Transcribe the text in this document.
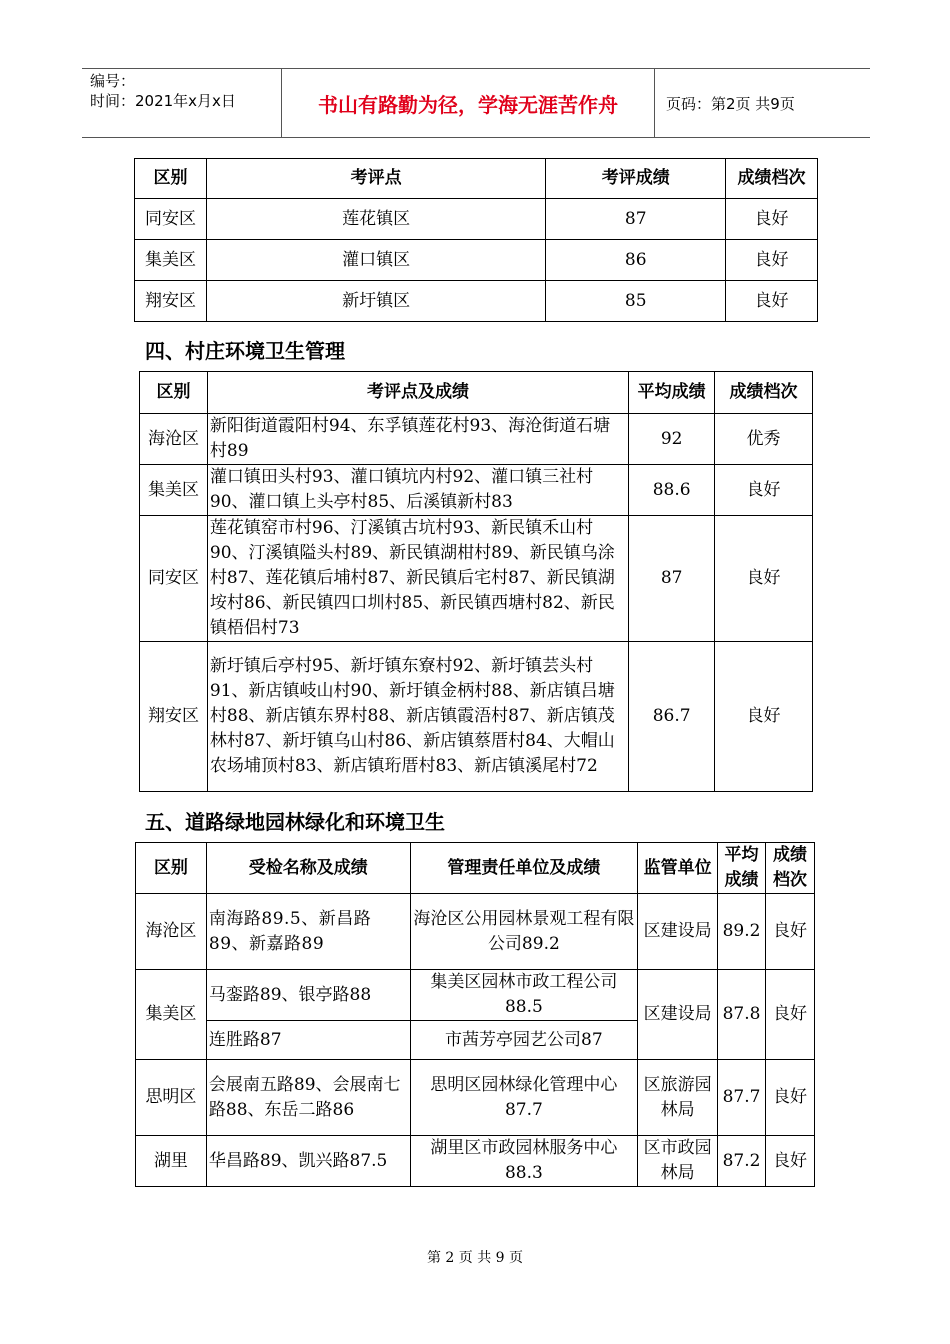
编号：
时间：2021年x月x日	书山有路勤为径，学海无涯苦作舟	页码：第2页 共9页
区别	考评点	考评成绩	成绩档次
同安区	莲花镇区	87	良好
集美区	灌口镇区	86	良好
翔安区	新圩镇区	85	良好
四、村庄环境卫生管理
区别	考评点及成绩	平均成绩	成绩档次
海沧区	新阳街道霞阳村94、东孚镇莲花村93、海沧街道石塘村89	92	优秀
集美区	灌口镇田头村93、灌口镇坑内村92、灌口镇三社村90、灌口镇上头亭村85、后溪镇新村83	88.6	良好
同安区	莲花镇窑市村96、汀溪镇古坑村93、新民镇禾山村90、汀溪镇隘头村89、新民镇湖柑村89、新民镇乌涂村87、莲花镇后埔村87、新民镇后宅村87、新民镇湖垵村86、新民镇四口圳村85、新民镇西塘村82、新民镇梧侣村73	87	良好
翔安区	新圩镇后亭村95、新圩镇东寮村92、新圩镇芸头村91、新店镇岐山村90、新圩镇金柄村88、新店镇吕塘村88、新店镇东界村88、新店镇霞浯村87、新店镇茂林村87、新圩镇乌山村86、新店镇蔡厝村84、大帽山农场埔顶村83、新店镇珩厝村83、新店镇溪尾村72	86.7	良好
五、道路绿地园林绿化和环境卫生
区别	受检名称及成绩	管理责任单位及成绩	监管单位	平均成绩	成绩档次
海沧区	南海路89.5、新昌路89、新嘉路89	海沧区公用园林景观工程有限公司89.2	区建设局	89.2	良好
集美区	马銮路89、银亭路88	集美区园林市政工程公司88.5	区建设局	87.8	良好
	连胜路87	市茜芳亭园艺公司87			
思明区	会展南五路89、会展南七路88、东岳二路86	思明区园林绿化管理中心87.7	区旅游园林局	87.7	良好
湖里	华昌路89、凯兴路87.5	湖里区市政园林服务中心88.3	区市政园林局	87.2	良好
第 2 页 共 9 页
